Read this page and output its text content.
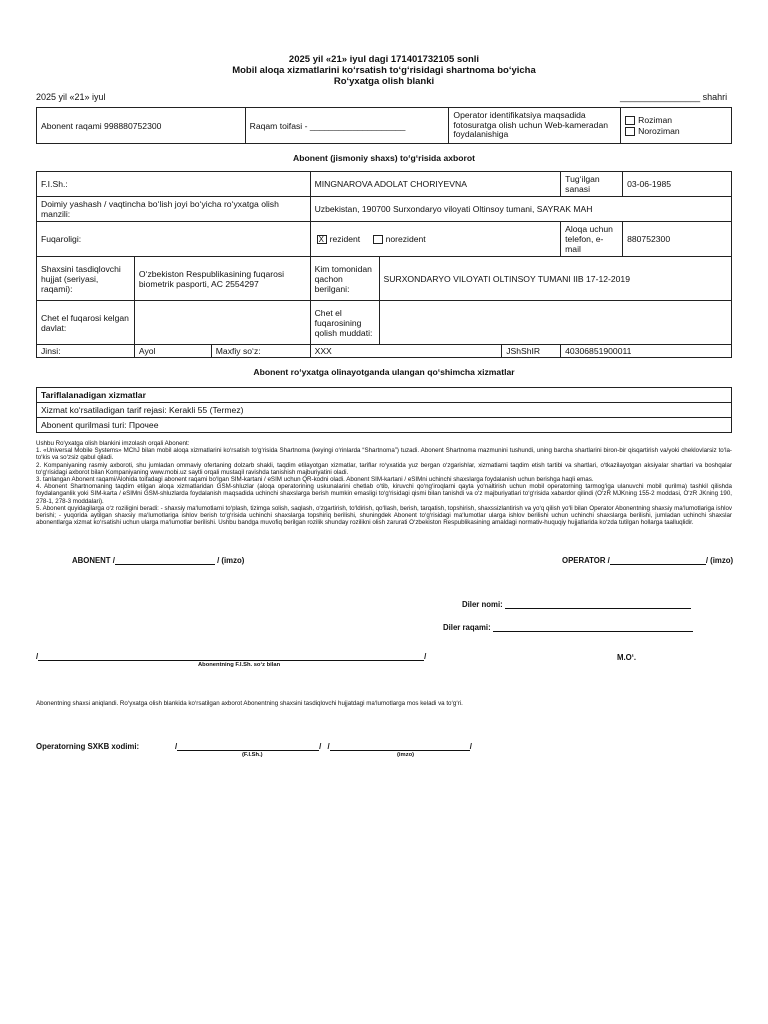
2025 yil «21» iyul dagi 171401732105 sonli
Mobil aloqa xizmatlarini ko‘rsatish to‘g‘risidagi shartnoma bo‘yicha
Ro‘yxatga olish blanki
2025 yil «21» iyul	________________ shahri
Abonent raqami 998880752300	Raqam toifasi - ____________________	Operator identifikatsiya maqsadida fotosuratga olish uchun Web-kameradan foydalanishiga	
Roziman
Noroziman
Abonent (jismoniy shaxs) to‘g‘risida axborot
F.I.Sh.:			MINGNAROVA ADOLAT CHORIYEVNA			Tug‘ilgan sanasi	03-06-1985
Doimiy yashash / vaqtincha bo‘lish joyi bo‘yicha ro‘yxatga olish manzili:			Uzbekistan, 190700 Surxondaryo viloyati Oltinsoy tumani, SAYRAK MAH				
Fuqaroligi:	Xrezident norezident			Aloqa uchun telefon, e-mail	880752300
Shaxsini tasdiqlovchi hujjat (seriyasi, raqami):	O‘zbekiston Respublikasining fuqarosi biometrik pasporti, AC 2554297		Kim tomonidan qachon berilgani:	SURXONDARYO VILOYATI OLTINSOY TUMANI IIB 17-12-2019			
Chet el fuqarosi kelgan davlat:			Chet el fuqarosining qolish muddati:				

Jinsi:	Ayol	Maxfiy so‘z:	XXX		JShShIR	40306851900011	
Abonent ro‘yxatga olinayotganda ulangan qo‘shimcha xizmatlar
Tariflalanadigan xizmatlar
Xizmat ko‘rsatiladigan tarif rejasi: Kerakli 55 (Termez)
Abonent qurilmasi turi: Прочее
Ushbu Ro‘yxatga olish blankini imzolash orqali Abonent:
1. «Universal Mobile Systems» MChJ bilan mobil aloqa xizmatlarini ko‘rsatish to‘g‘risida Shartnoma (keyingi o‘rinlarda “Shartnoma”) tuzadi. Abonent Shartnoma mazmunini tushundi, uning barcha shartlarini biron-bir qisqartirish va/yoki cheklovlarsiz to‘la-to‘kis va so‘zsiz qabul qiladi.
2. Kompaniyaning rasmiy axboroti, shu jumladan ommaviy ofertaning dolzarb shakli, taqdim etilayotgan xizmatlar, tariflar ro‘yxatida yuz bergan o‘zgarishlar, xizmatlarni taqdim etish tartibi va shartlari, o‘tkazilayotgan aksiyalar shartlari va boshqalar to‘g‘risidagi axborot bilan Kompaniyaning www.mobi.uz saytli orqali mustaqil ravishda tanishish majburiyatini oladi.
3. tanlangan Abonent raqami/Alohida toifadagi abonent raqami bo‘lgan SIM-kartani / eSIM uchun QR-kodni oladi. Abonent SIM-kartani / eSIMni uchinchi shaxslarga foydalanish uchun berishga haqli emas.
4. Abonent Shartnomaning taqdim etilgan aloqa xizmatlaridan GSM-shluzlar (aloqa operatorining uskunalarini chetlab o‘tib, kiruvchi qo‘ng‘iroqlarni qayta yo‘naltirish uchun mobil operatorning tarmog‘iga ulanuvchi mobil qurilma) tashkil qilishda foydalanganlik yoki SIM-karta / eSIMni GSM-shluzlarda foydalanish maqsadida uchinchi shaxslarga berish mumkin emasligi to‘g‘risidagi qismi bilan tanishdi va o‘z majburiyatlari to‘g‘risida xabardor qilindi (O‘zR MJKning 155-2 moddasi, O‘zR JKning 190, 278-1, 278-3 moddalari).
5. Abonent quyidagilarga o‘z roziligini beradi: - shaxsiy ma‘lumotlarni to‘plash, tizimga solish, saqlash, o‘zgartirish, to‘ldirish, qo‘llash, berish, tarqatish, topshirish, shaxssizlantirish va yo‘q qilish yo‘li bilan Operator Abonentning shaxsiy ma‘lumotlariga ishlov berishi; - yuqorida aytilgan shaxsiy ma‘lumotlariga ishlov berish to‘g‘risida uchinchi shaxslarga topshiriq berilishi, shuningdek Abonent to‘g‘risidagi ma‘lumotlar ularga ishlov berilishi uchun uchinchi shaxslarga berilishi, jumladan uchinchi shaxslar abonentlarga xizmat ko‘rsatishi uchun ularga ma‘lumotlar berilishi. Ushbu bandga muvofiq berilgan rozilik shunday rozilikni olish zarurati O‘zbekiston Respublikasining amaldagi normativ-huquqiy hujjatlarida ko‘zda tutilgan hollarga taalluqlidir.
ABONENT /	/ (imzo)	OPERATOR /	/ (imzo)
Diler nomi:
Diler raqami:
/	/
Abonentning F.I.Sh. so‘z bilan
M.O‘.
Abonentning shaxsi aniqlandi. Ro‘yxatga olish blankida ko‘rsatilgan axborot Abonentning shaxsini tasdiqlovchi hujjatdagi ma‘lumotlarga mos keladi va to‘g‘ri.
Operatorning SXKB xodimi:	/	/ /	/
(F.I.Sh.)	(imzo)
